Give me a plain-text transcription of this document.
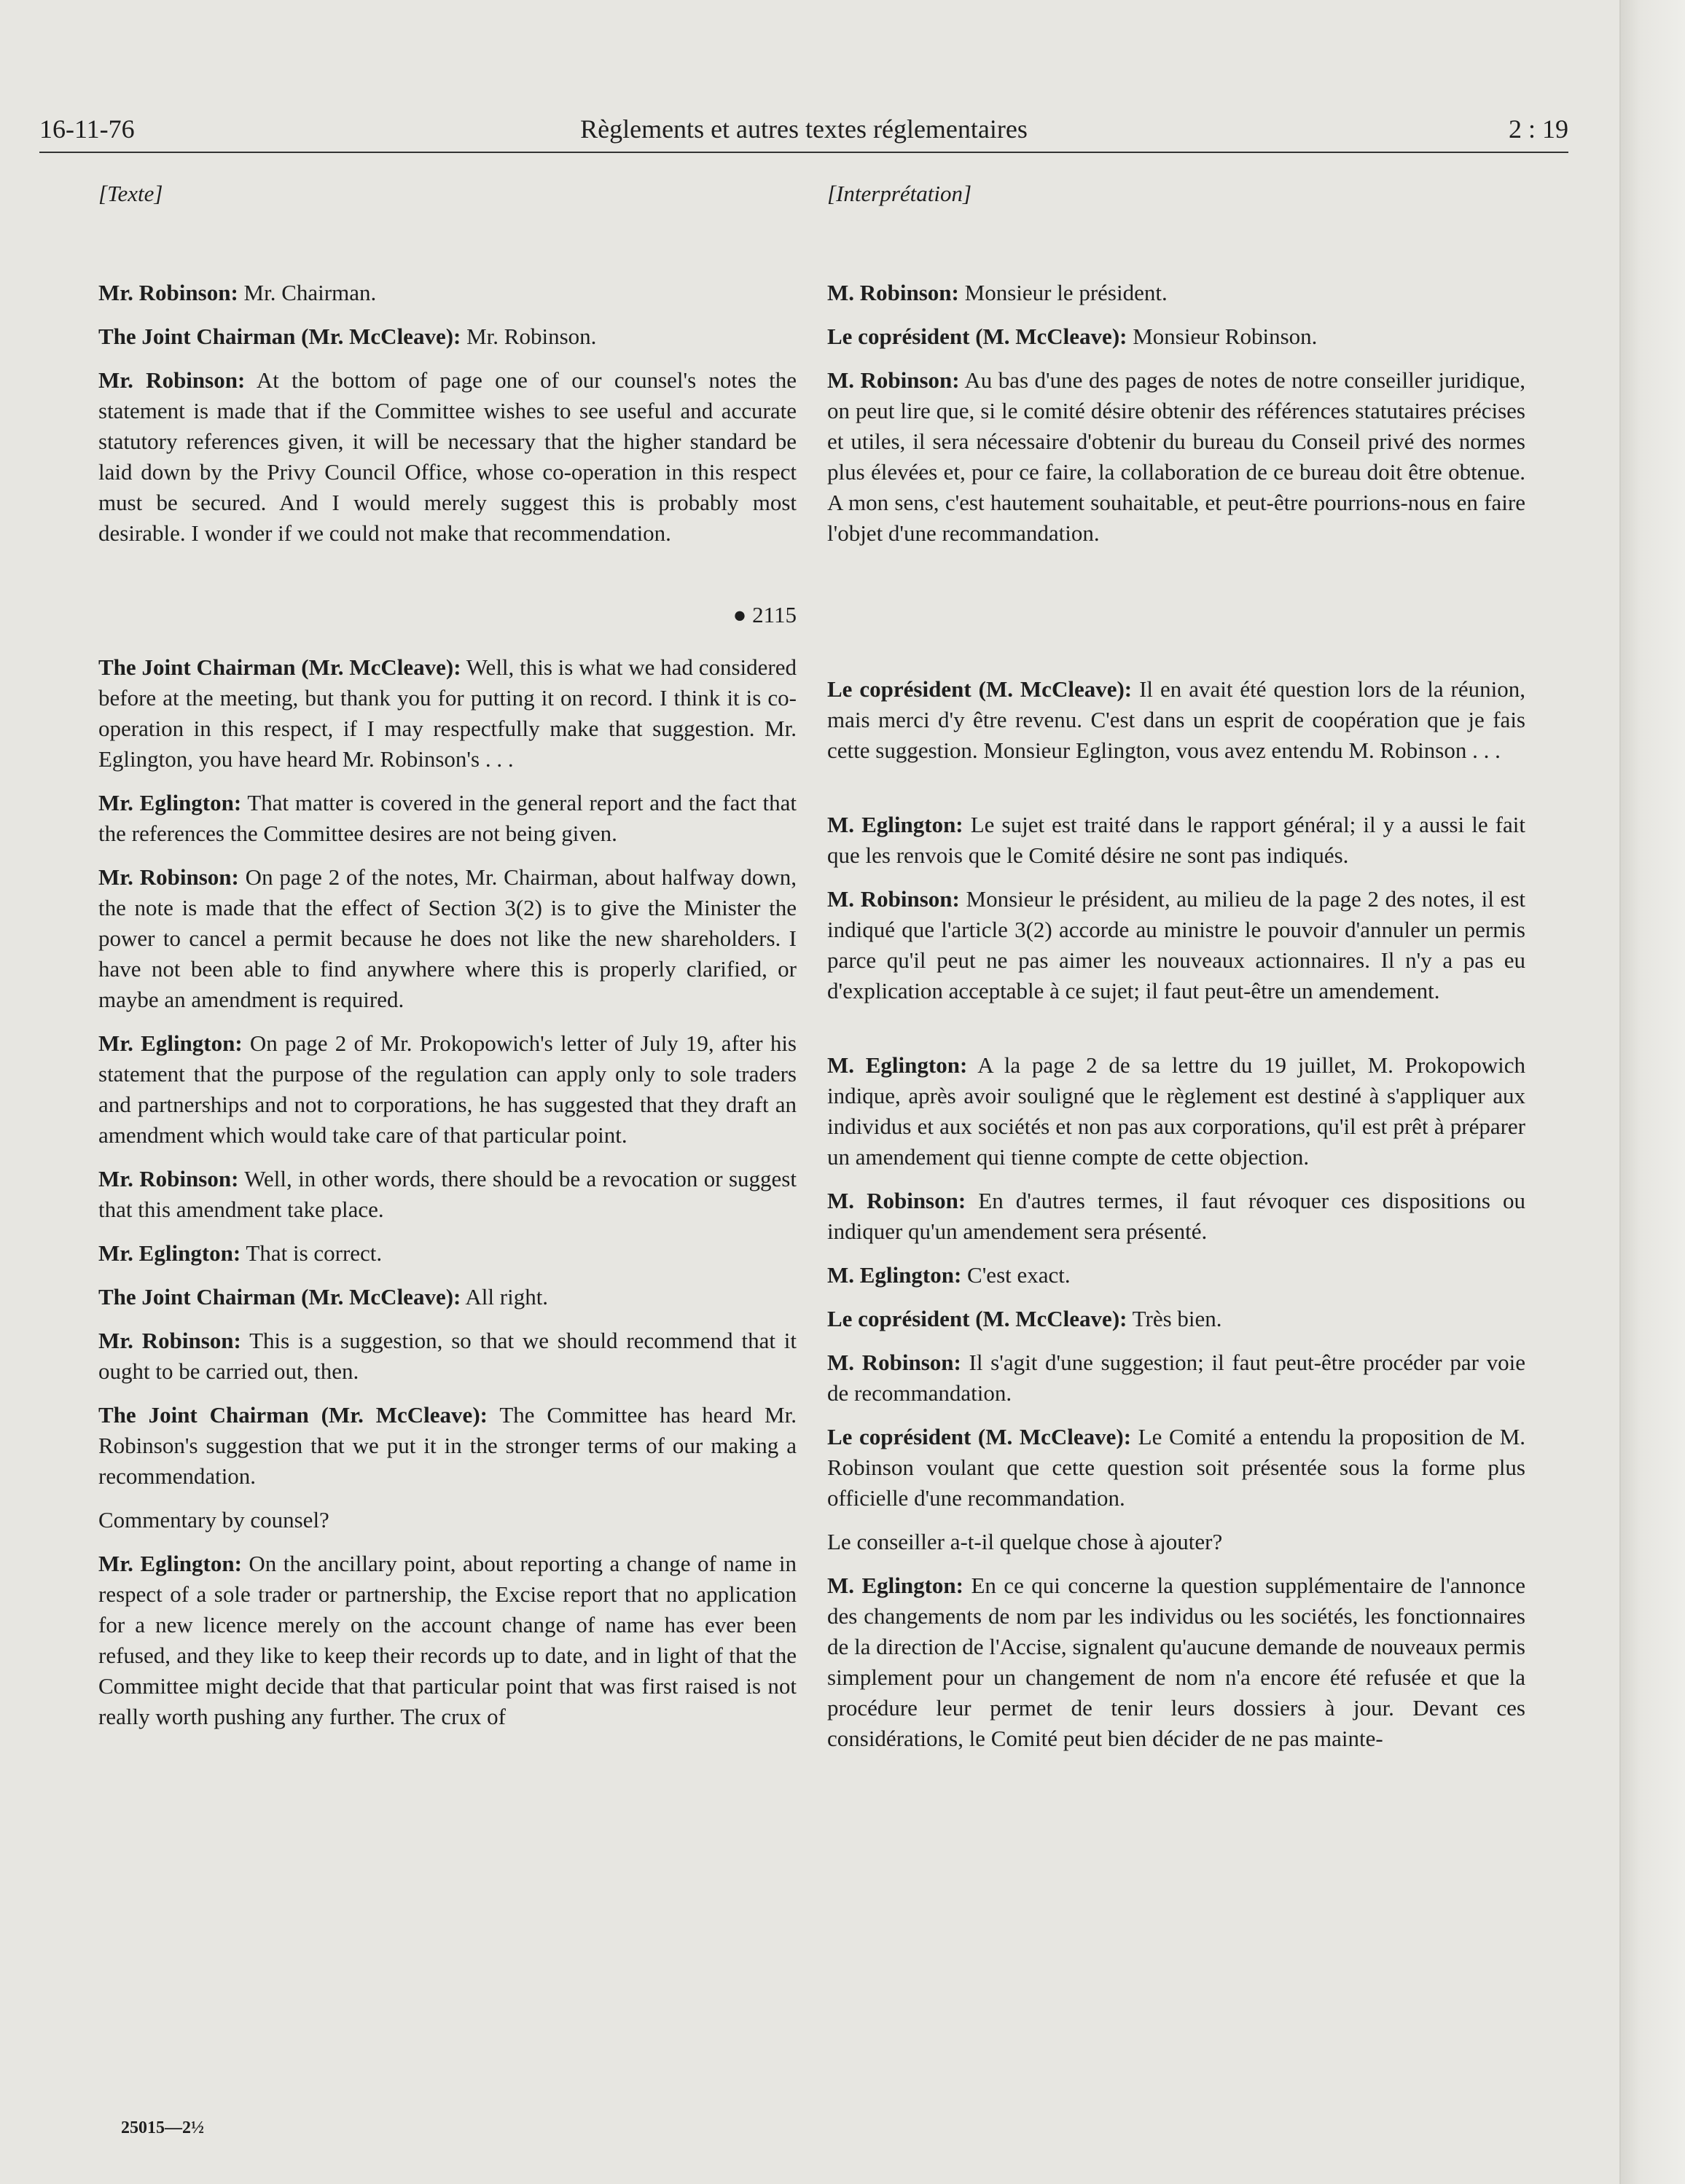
16-11-76	Règlements et autres textes réglementaires	2 : 19
[Texte]

Mr. Robinson: Mr. Chairman.

The Joint Chairman (Mr. McCleave): Mr. Robinson.

Mr. Robinson: At the bottom of page one of our counsel's notes the statement is made that if the Committee wishes to see useful and accurate statutory references given, it will be necessary that the higher standard be laid down by the Privy Council Office, whose co-operation in this respect must be secured. And I would merely suggest this is probably most desirable. I wonder if we could not make that recommendation.

● 2115

The Joint Chairman (Mr. McCleave): Well, this is what we had considered before at the meeting, but thank you for putting it on record. I think it is co-operation in this respect, if I may respectfully make that suggestion. Mr. Eglington, you have heard Mr. Robinson's . . .

Mr. Eglington: That matter is covered in the general report and the fact that the references the Committee desires are not being given.

Mr. Robinson: On page 2 of the notes, Mr. Chairman, about halfway down, the note is made that the effect of Section 3(2) is to give the Minister the power to cancel a permit because he does not like the new shareholders. I have not been able to find anywhere where this is properly clarified, or maybe an amendment is required.

Mr. Eglington: On page 2 of Mr. Prokopowich's letter of July 19, after his statement that the purpose of the regulation can apply only to sole traders and partnerships and not to corporations, he has suggested that they draft an amendment which would take care of that particular point.

Mr. Robinson: Well, in other words, there should be a revocation or suggest that this amendment take place.

Mr. Eglington: That is correct.

The Joint Chairman (Mr. McCleave): All right.

Mr. Robinson: This is a suggestion, so that we should recommend that it ought to be carried out, then.

The Joint Chairman (Mr. McCleave): The Committee has heard Mr. Robinson's suggestion that we put it in the stronger terms of our making a recommendation.

Commentary by counsel?

Mr. Eglington: On the ancillary point, about reporting a change of name in respect of a sole trader or partnership, the Excise report that no application for a new licence merely on the account change of name has ever been refused, and they like to keep their records up to date, and in light of that the Committee might decide that that particular point that was first raised is not really worth pushing any further. The crux of

[Interprétation]

M. Robinson: Monsieur le président.

Le coprésident (M. McCleave): Monsieur Robinson.

M. Robinson: Au bas d'une des pages de notes de notre conseiller juridique, on peut lire que, si le comité désire obtenir des références statutaires précises et utiles, il sera nécessaire d'obtenir du bureau du Conseil privé des normes plus élevées et, pour ce faire, la collaboration de ce bureau doit être obtenue. A mon sens, c'est hautement souhaitable, et peut-être pourrions-nous en faire l'objet d'une recommandation.

Le coprésident (M. McCleave): Il en avait été question lors de la réunion, mais merci d'y être revenu. C'est dans un esprit de coopération que je fais cette suggestion. Monsieur Eglington, vous avez entendu M. Robinson . . .

M. Eglington: Le sujet est traité dans le rapport général; il y a aussi le fait que les renvois que le Comité désire ne sont pas indiqués.

M. Robinson: Monsieur le président, au milieu de la page 2 des notes, il est indiqué que l'article 3(2) accorde au ministre le pouvoir d'annuler un permis parce qu'il peut ne pas aimer les nouveaux actionnaires. Il n'y a pas eu d'explication acceptable à ce sujet; il faut peut-être un amendement.

M. Eglington: A la page 2 de sa lettre du 19 juillet, M. Prokopowich indique, après avoir souligné que le règlement est destiné à s'appliquer aux individus et aux sociétés et non pas aux corporations, qu'il est prêt à préparer un amendement qui tienne compte de cette objection.

M. Robinson: En d'autres termes, il faut révoquer ces dispositions ou indiquer qu'un amendement sera présenté.

M. Eglington: C'est exact.

Le coprésident (M. McCleave): Très bien.

M. Robinson: Il s'agit d'une suggestion; il faut peut-être procéder par voie de recommandation.

Le coprésident (M. McCleave): Le Comité a entendu la proposition de M. Robinson voulant que cette question soit présentée sous la forme plus officielle d'une recommandation.

Le conseiller a-t-il quelque chose à ajouter?

M. Eglington: En ce qui concerne la question supplémentaire de l'annonce des changements de nom par les individus ou les sociétés, les fonctionnaires de la direction de l'Accise, signalent qu'aucune demande de nouveaux permis simplement pour un changement de nom n'a encore été refusée et que la procédure leur permet de tenir leurs dossiers à jour. Devant ces considérations, le Comité peut bien décider de ne pas mainte-

25015—2½
